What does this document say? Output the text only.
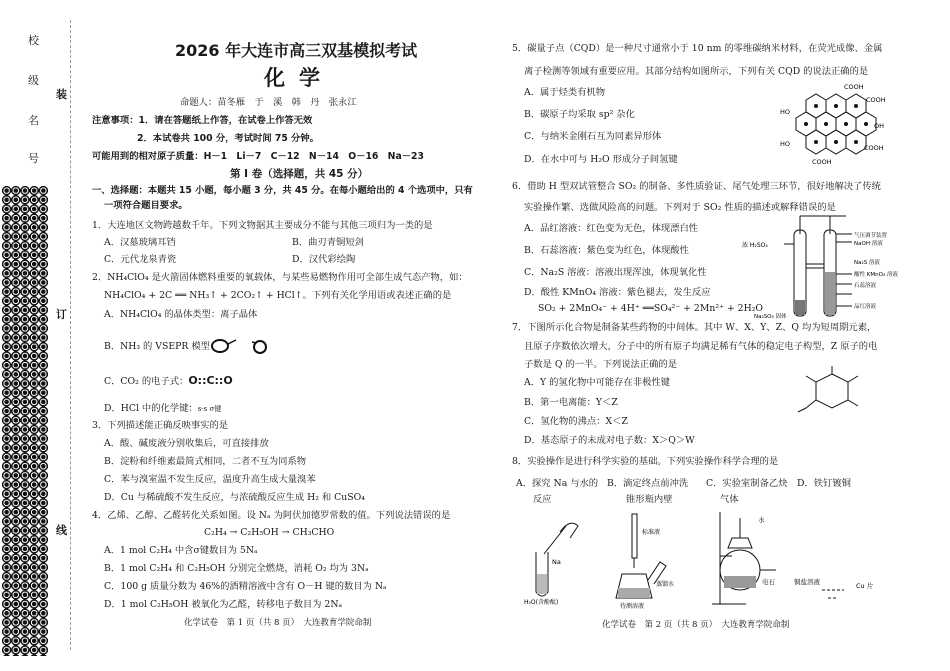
校
级
名
号
装
订
线
2026 年大连市高三双基模拟考试
化学
命题人：苗冬雁　于　溪　韩　丹　张永江
注意事项：1．请在答题纸上作答，在试卷上作答无效
2．本试卷共 100 分，考试时间 75 分钟。
可能用到的相对原子质量：H－1　Li－7　C－12　N－14　O－16　Na－23
第 Ⅰ 卷（选择题，共 45 分）
一、选择题：本题共 15 小题，每小题 3 分，共 45 分。在每小题给出的 4 个选项中，只有
一项符合题目要求。
1．大连地区文物跨越数千年。下列文物据其主要成分不能与其他三项归为一类的是
A．汉墓玻璃耳铛	B．曲刃青铜短剑
C．元代龙泉青瓷	D．汉代彩绘陶
2．NH₄ClO₄ 是火箭固体燃料重要的氧载体，与某些易燃物作用可全部生成气态产物，如：
NH₄ClO₄ + 2C ══ NH₃↑ + 2CO₂↑ + HCl↑。下列有关化学用语或表述正确的是
A．NH₄ClO₄ 的晶体类型：离子晶体
B．NH₃ 的 VSEPR 模型：
C．CO₂ 的电子式：O꞉꞉C꞉꞉O
D．HCl 中的化学键：s-s σ键
3．下列描述能正确反映事实的是
A．酸、碱废液分别收集后，可直接排放
B．淀粉和纤维素最简式相同，二者不互为同系物
C．苯与溴室温不发生反应，温度升高生成大量溴苯
D．Cu 与稀硫酸不发生反应，与浓硫酸反应生成 H₂ 和 CuSO₄
4．乙烯、乙醇、乙醛转化关系如图。设 Nₐ 为阿伏加德罗常数的值。下列说法错误的是
C₂H₄ → C₂H₅OH → CH₃CHO
A．1 mol C₂H₄ 中含σ键数目为 5Nₐ
B．1 mol C₂H₄ 和 C₂H₅OH 分别完全燃烧，消耗 O₂ 均为 3Nₐ
C．100 g 质量分数为 46%的酒精溶液中含有 O－H 键的数目为 Nₐ
D．1 mol C₂H₅OH 被氧化为乙醛，转移电子数目为 2Nₐ
化学试卷　第 1 页（共 8 页）　大连教育学院命制
5．碳量子点（CQD）是一种尺寸通常小于 10 nm 的零维碳纳米材料，在荧光成像、金属
离子检测等领域有重要应用。其部分结构如图所示，下列有关 CQD 的说法正确的是
A．属于烃类有机物
B．碳原子均采取 sp² 杂化
C．与纳米金刚石互为同素异形体
D．在水中可与 H₂O 形成分子间氢键
COOH
COOH
HO
OH
COOH
HO
COOH
6．借助 H 型双试管整合 SO₂ 的制备、多性质验证、尾气处理三环节，很好地解决了传统
实验操作繁、选做风险高的问题。下列对于 SO₂ 性质的描述或解释错误的是
A．品红溶液：红色变为无色，体现漂白性
B．石蕊溶液：紫色变为红色，体现酸性
C．Na₂S 溶液：溶液出现浑浊，体现氧化性
D．酸性 KMnO₄ 溶液：紫色褪去，发生反应
SO₂ + 2MnO₄⁻ + 4H⁺ ══SO₄²⁻ + 2Mn²⁺ + 2H₂O
浓 H₂SO₄
气压调节装置
NaOH 溶液
Na₂S 溶液
酸性 KMnO₄ 溶液
石蕊溶液
品红溶液
Na₂SO₃ 固体
7．下图所示化合物是制备某些药物的中间体。其中 W、X、Y、Z、Q 均为短周期元素，
且原子序数依次增大，分子中的所有原子均满足稀有气体的稳定电子构型，Z 原子的电
子数是 Q 的一半。下列说法正确的是
A．Y 的氢化物中可能存在非极性键
B．第一电离能：Y＜Z
C．氢化物的沸点：X＜Z
D．基态原子的未成对电子数：X＞Q＞W
8．实验操作是进行科学实验的基础。下列实验操作科学合理的是
A．探究 Na 与水的
反应
B．滴定终点前冲洗
锥形瓶内壁
C．实验室制备乙炔
气体
D．铁钉镀铜
Na
H₂O(含酚酞)
标准液
蒸馏水
待测溶液
水
电石	铜盐溶液	Cu 片
化学试卷　第 2 页（共 8 页）　大连教育学院命制
